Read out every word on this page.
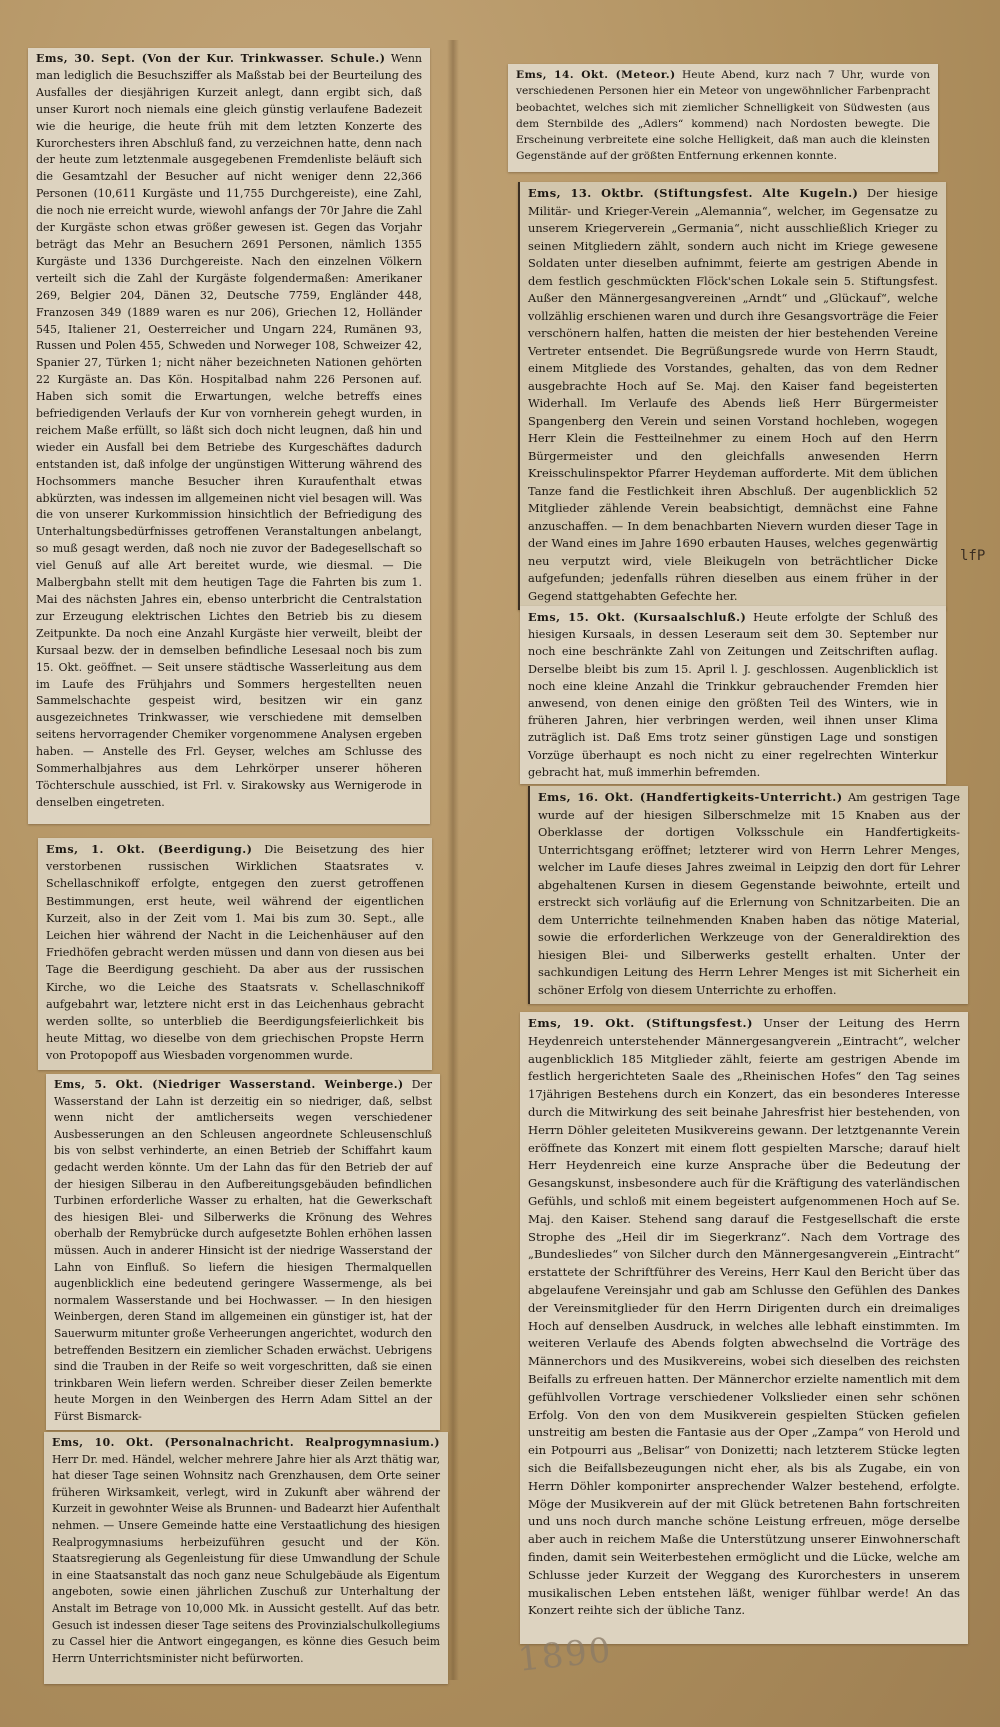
Ems, 30. Sept. (Von der Kur. Trinkwasser. Schule.) Wenn man lediglich die Besuchsziffer als Maßstab bei der Beurteilung des Ausfalles der diesjährigen Kurzeit anlegt, dann ergibt sich, daß unser Kurort noch niemals eine gleich günstig verlaufene Badezeit wie die heurige, die heute früh mit dem letzten Konzerte des Kurorchesters ihren Abschluß fand, zu verzeichnen hatte, denn nach der heute zum letztenmale ausgegebenen Fremdenliste beläuft sich die Gesamtzahl der Besucher auf nicht weniger denn 22,366 Personen (10,611 Kurgäste und 11,755 Durchgereiste), eine Zahl, die noch nie erreicht wurde, wiewohl anfangs der 70r Jahre die Zahl der Kurgäste schon etwas größer gewesen ist. Gegen das Vorjahr beträgt das Mehr an Besuchern 2691 Personen, nämlich 1355 Kurgäste und 1336 Durchgereiste. Nach den einzelnen Völkern verteilt sich die Zahl der Kurgäste folgendermaßen: Amerikaner 269, Belgier 204, Dänen 32, Deutsche 7759, Engländer 448, Franzosen 349 (1889 waren es nur 206), Griechen 12, Holländer 545, Italiener 21, Oesterreicher und Ungarn 224, Rumänen 93, Russen und Polen 455, Schweden und Norweger 108, Schweizer 42, Spanier 27, Türken 1; nicht näher bezeichneten Nationen gehörten 22 Kurgäste an. Das Kön. Hospitalbad nahm 226 Personen auf. Haben sich somit die Erwartungen, welche betreffs eines befriedigenden Verlaufs der Kur von vornherein gehegt wurden, in reichem Maße erfüllt, so läßt sich doch nicht leugnen, daß hin und wieder ein Ausfall bei dem Betriebe des Kurgeschäftes dadurch entstanden ist, daß infolge der ungünstigen Witterung während des Hochsommers manche Besucher ihren Kuraufenthalt etwas abkürzten, was indessen im allgemeinen nicht viel besagen will. Was die von unserer Kurkommission hinsichtlich der Befriedigung des Unterhaltungsbedürfnisses getroffenen Veranstaltungen anbelangt, so muß gesagt werden, daß noch nie zuvor der Badegesellschaft so viel Genuß auf alle Art bereitet wurde, wie diesmal. — Die Malbergbahn stellt mit dem heutigen Tage die Fahrten bis zum 1. Mai des nächsten Jahres ein, ebenso unterbricht die Centralstation zur Erzeugung elektrischen Lichtes den Betrieb bis zu diesem Zeitpunkte. Da noch eine Anzahl Kurgäste hier verweilt, bleibt der Kursaal bezw. der in demselben befindliche Lesesaal noch bis zum 15. Okt. geöffnet. — Seit unsere städtische Wasserleitung aus dem im Laufe des Frühjahrs und Sommers hergestellten neuen Sammelschachte gespeist wird, besitzen wir ein ganz ausgezeichnetes Trinkwasser, wie verschiedene mit demselben seitens hervorragender Chemiker vorgenommene Analysen ergeben haben. — Anstelle des Frl. Geyser, welches am Schlusse des Sommerhalbjahres aus dem Lehrkörper unserer höheren Töchterschule ausschied, ist Frl. v. Sirakowsky aus Wernigerode in denselben eingetreten.

Ems, 1. Okt. (Beerdigung.) Die Beisetzung des hier verstorbenen russischen Wirklichen Staatsrates v. Schellaschnikoff erfolgte, entgegen den zuerst getroffenen Bestimmungen, erst heute, weil während der eigentlichen Kurzeit, also in der Zeit vom 1. Mai bis zum 30. Sept., alle Leichen hier während der Nacht in die Leichenhäuser auf den Friedhöfen gebracht werden müssen und dann von diesen aus bei Tage die Beerdigung geschieht. Da aber aus der russischen Kirche, wo die Leiche des Staatsrats v. Schellaschnikoff aufgebahrt war, letztere nicht erst in das Leichenhaus gebracht werden sollte, so unterblieb die Beerdigungsfeierlichkeit bis heute Mittag, wo dieselbe von dem griechischen Propste Herrn von Protopopoff aus Wiesbaden vorgenommen wurde.

Ems, 5. Okt. (Niedriger Wasserstand. Weinberge.) Der Wasserstand der Lahn ist derzeitig ein so niedriger, daß, selbst wenn nicht der amtlicherseits wegen verschiedener Ausbesserungen an den Schleusen angeordnete Schleusenschluß bis von selbst verhinderte, an einen Betrieb der Schiffahrt kaum gedacht werden könnte. Um der Lahn das für den Betrieb der auf der hiesigen Silberau in den Aufbereitungsgebäuden befindlichen Turbinen erforderliche Wasser zu erhalten, hat die Gewerkschaft des hiesigen Blei- und Silberwerks die Krönung des Wehres oberhalb der Remybrücke durch aufgesetzte Bohlen erhöhen lassen müssen. Auch in anderer Hinsicht ist der niedrige Wasserstand der Lahn von Einfluß. So liefern die hiesigen Thermalquellen augenblicklich eine bedeutend geringere Wassermenge, als bei normalem Wasserstande und bei Hochwasser. — In den hiesigen Weinbergen, deren Stand im allgemeinen ein günstiger ist, hat der Sauerwurm mitunter große Verheerungen angerichtet, wodurch den betreffenden Besitzern ein ziemlicher Schaden erwächst. Uebrigens sind die Trauben in der Reife so weit vorgeschritten, daß sie einen trinkbaren Wein liefern werden. Schreiber dieser Zeilen bemerkte heute Morgen in den Weinbergen des Herrn Adam Sittel an der Fürst Bismarck-

Ems, 10. Okt. (Personalnachricht. Realprogymnasium.) Herr Dr. med. Händel, welcher mehrere Jahre hier als Arzt thätig war, hat dieser Tage seinen Wohnsitz nach Grenzhausen, dem Orte seiner früheren Wirksamkeit, verlegt, wird in Zukunft aber während der Kurzeit in gewohnter Weise als Brunnen- und Badearzt hier Aufenthalt nehmen. — Unsere Gemeinde hatte eine Verstaatlichung des hiesigen Realprogymnasiums herbeizuführen gesucht und der Kön. Staatsregierung als Gegenleistung für diese Umwandlung der Schule in eine Staatsanstalt das noch ganz neue Schulgebäude als Eigentum angeboten, sowie einen jährlichen Zuschuß zur Unterhaltung der Anstalt im Betrage von 10,000 Mk. in Aussicht gestellt. Auf das betr. Gesuch ist indessen dieser Tage seitens des Provinzialschulkollegiums zu Cassel hier die Antwort eingegangen, es könne dies Gesuch beim Herrn Unterrichtsminister nicht befürworten.

Ems, 14. Okt. (Meteor.) Heute Abend, kurz nach 7 Uhr, wurde von verschiedenen Personen hier ein Meteor von ungewöhnlicher Farbenpracht beobachtet, welches sich mit ziemlicher Schnelligkeit von Südwesten (aus dem Sternbilde des „Adlers“ kommend) nach Nordosten bewegte. Die Erscheinung verbreitete eine solche Helligkeit, daß man auch die kleinsten Gegenstände auf der größten Entfernung erkennen konnte.

Ems, 13. Oktbr. (Stiftungsfest. Alte Kugeln.) Der hiesige Militär- und Krieger-Verein „Alemannia“, welcher, im Gegensatze zu unserem Kriegerverein „Germania“, nicht ausschließlich Krieger zu seinen Mitgliedern zählt, sondern auch nicht im Kriege gewesene Soldaten unter dieselben aufnimmt, feierte am gestrigen Abende in dem festlich geschmückten Flöck'schen Lokale sein 5. Stiftungsfest. Außer den Männergesangvereinen „Arndt“ und „Glückauf“, welche vollzählig erschienen waren und durch ihre Gesangsvorträge die Feier verschönern halfen, hatten die meisten der hier bestehenden Vereine Vertreter entsendet. Die Begrüßungsrede wurde von Herrn Staudt, einem Mitgliede des Vorstandes, gehalten, das von dem Redner ausgebrachte Hoch auf Se. Maj. den Kaiser fand begeisterten Widerhall. Im Verlaufe des Abends ließ Herr Bürgermeister Spangenberg den Verein und seinen Vorstand hochleben, wogegen Herr Klein die Festteilnehmer zu einem Hoch auf den Herrn Bürgermeister und den gleichfalls anwesenden Herrn Kreisschulinspektor Pfarrer Heydeman aufforderte. Mit dem üblichen Tanze fand die Festlichkeit ihren Abschluß. Der augenblicklich 52 Mitglieder zählende Verein beabsichtigt, demnächst eine Fahne anzuschaffen. — In dem benachbarten Nievern wurden dieser Tage in der Wand eines im Jahre 1690 erbauten Hauses, welches gegenwärtig neu verputzt wird, viele Bleikugeln von beträchtlicher Dicke aufgefunden; jedenfalls rühren dieselben aus einem früher in der Gegend stattgehabten Gefechte her.

Ems, 15. Okt. (Kursaalschluß.) Heute erfolgte der Schluß des hiesigen Kursaals, in dessen Leseraum seit dem 30. September nur noch eine beschränkte Zahl von Zeitungen und Zeitschriften auflag. Derselbe bleibt bis zum 15. April l. J. geschlossen. Augenblicklich ist noch eine kleine Anzahl die Trinkkur gebrauchender Fremden hier anwesend, von denen einige den größten Teil des Winters, wie in früheren Jahren, hier verbringen werden, weil ihnen unser Klima zuträglich ist. Daß Ems trotz seiner günstigen Lage und sonstigen Vorzüge überhaupt es noch nicht zu einer regelrechten Winterkur gebracht hat, muß immerhin befremden.

Ems, 16. Okt. (Handfertigkeits-Unterricht.) Am gestrigen Tage wurde auf der hiesigen Silberschmelze mit 15 Knaben aus der Oberklasse der dortigen Volksschule ein Handfertigkeits-Unterrichtsgang eröffnet; letzterer wird von Herrn Lehrer Menges, welcher im Laufe dieses Jahres zweimal in Leipzig den dort für Lehrer abgehaltenen Kursen in diesem Gegenstande beiwohnte, erteilt und erstreckt sich vorläufig auf die Erlernung von Schnitzarbeiten. Die an dem Unterrichte teilnehmenden Knaben haben das nötige Material, sowie die erforderlichen Werkzeuge von der Generaldirektion des hiesigen Blei- und Silberwerks gestellt erhalten. Unter der sachkundigen Leitung des Herrn Lehrer Menges ist mit Sicherheit ein schöner Erfolg von diesem Unterrichte zu erhoffen.

Ems, 19. Okt. (Stiftungsfest.) Unser der Leitung des Herrn Heydenreich unterstehender Männergesangverein „Eintracht“, welcher augenblicklich 185 Mitglieder zählt, feierte am gestrigen Abende im festlich hergerichteten Saale des „Rheinischen Hofes“ den Tag seines 17jährigen Bestehens durch ein Konzert, das ein besonderes Interesse durch die Mitwirkung des seit beinahe Jahresfrist hier bestehenden, von Herrn Döhler geleiteten Musikvereins gewann. Der letztgenannte Verein eröffnete das Konzert mit einem flott gespielten Marsche; darauf hielt Herr Heydenreich eine kurze Ansprache über die Bedeutung der Gesangskunst, insbesondere auch für die Kräftigung des vaterländischen Gefühls, und schloß mit einem begeistert aufgenommenen Hoch auf Se. Maj. den Kaiser. Stehend sang darauf die Festgesellschaft die erste Strophe des „Heil dir im Siegerkranz“. Nach dem Vortrage des „Bundesliedes“ von Silcher durch den Männergesangverein „Eintracht“ erstattete der Schriftführer des Vereins, Herr Kaul den Bericht über das abgelaufene Vereinsjahr und gab am Schlusse den Gefühlen des Dankes der Vereinsmitglieder für den Herrn Dirigenten durch ein dreimaliges Hoch auf denselben Ausdruck, in welches alle lebhaft einstimmten. Im weiteren Verlaufe des Abends folgten abwechselnd die Vorträge des Männerchors und des Musikvereins, wobei sich dieselben des reichsten Beifalls zu erfreuen hatten. Der Männerchor erzielte namentlich mit dem gefühlvollen Vortrage verschiedener Volkslieder einen sehr schönen Erfolg. Von den von dem Musikverein gespielten Stücken gefielen unstreitig am besten die Fantasie aus der Oper „Zampa“ von Herold und ein Potpourri aus „Belisar“ von Donizetti; nach letzterem Stücke legten sich die Beifallsbezeugungen nicht eher, als bis als Zugabe, ein von Herrn Döhler komponirter ansprechender Walzer bestehend, erfolgte. Möge der Musikverein auf der mit Glück betretenen Bahn fortschreiten und uns noch durch manche schöne Leistung erfreuen, möge derselbe aber auch in reichem Maße die Unterstützung unserer Einwohnerschaft finden, damit sein Weiterbestehen ermöglicht und die Lücke, welche am Schlusse jeder Kurzeit der Weggang des Kurorchesters in unserem musikalischen Leben entstehen läßt, weniger fühlbar werde! An das Konzert reihte sich der übliche Tanz.

lfP
1890
